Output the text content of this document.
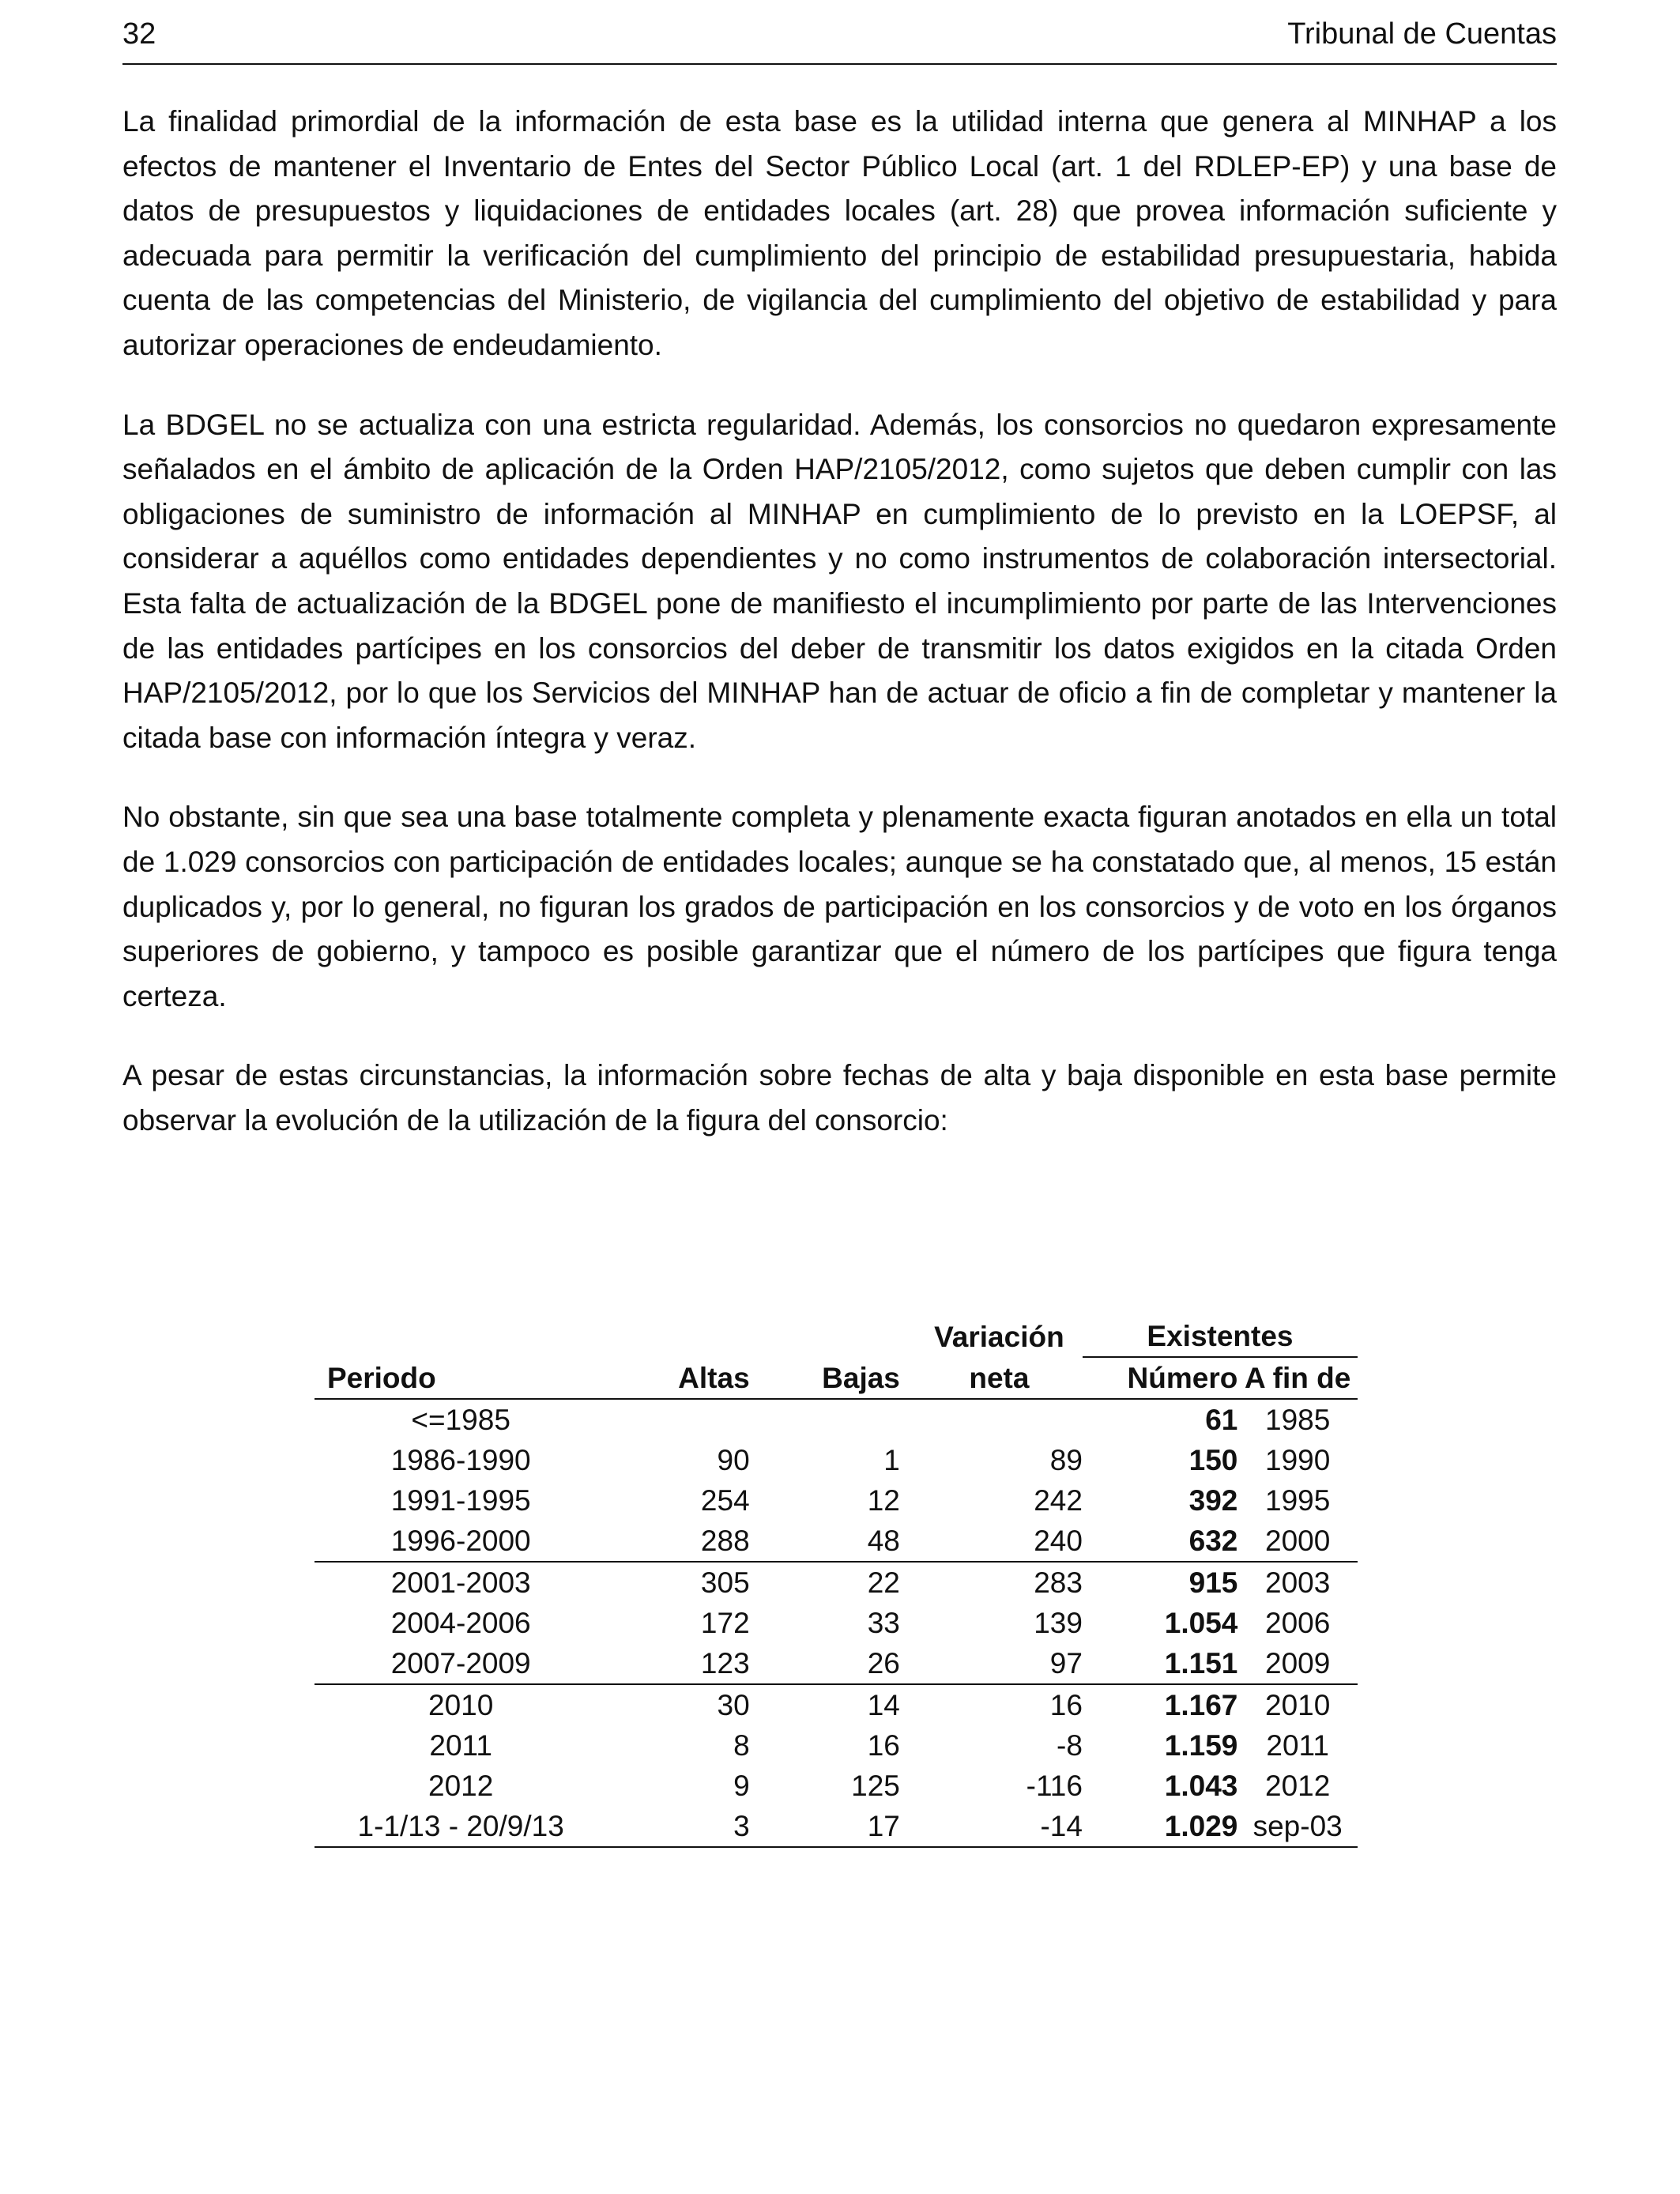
32	Tribunal de Cuentas

La finalidad primordial de la información de esta base es la utilidad interna que genera al MINHAP a los efectos de mantener el Inventario de Entes del Sector Público Local (art. 1 del RDLEP-EP) y una base de datos de presupuestos y liquidaciones de entidades locales (art. 28) que provea información suficiente y adecuada para permitir la verificación del cumplimiento del principio de estabilidad presupuestaria, habida cuenta de las competencias del Ministerio, de vigilancia del cumplimiento del objetivo de estabilidad y para autorizar operaciones de endeudamiento.

La BDGEL no se actualiza con una estricta regularidad. Además, los consorcios no quedaron expresamente señalados en el ámbito de aplicación de la Orden HAP/2105/2012, como sujetos que deben cumplir con las obligaciones de suministro de información al MINHAP en cumplimiento de lo previsto en la LOEPSF, al considerar a aquéllos como entidades dependientes y no como instrumentos de colaboración intersectorial. Esta falta de actualización de la BDGEL pone de manifiesto el incumplimiento por parte de las Intervenciones de las entidades partícipes en los consorcios del deber de transmitir los datos exigidos en la citada Orden HAP/2105/2012, por lo que los Servicios del MINHAP han de actuar de oficio a fin de completar y mantener la citada base con información íntegra y veraz.

No obstante, sin que sea una base totalmente completa y plenamente exacta figuran anotados en ella un total de 1.029 consorcios con participación de entidades locales; aunque se ha constatado que, al menos, 15 están duplicados y, por lo general, no figuran los grados de participación en los consorcios y de voto en los órganos superiores de gobierno, y tampoco es posible garantizar que el número de los partícipes que figura tenga certeza.

A pesar de estas circunstancias, la información sobre fechas de alta y baja disponible en esta base permite observar la evolución de la utilización de la figura del consorcio:

			Variación	Existentes	
Periodo	Altas	Bajas	neta	Número	A fin de
<=1985				61	1985
1986-1990	90	1	89	150	1990
1991-1995	254	12	242	392	1995
1996-2000	288	48	240	632	2000
2001-2003	305	22	283	915	2003
2004-2006	172	33	139	1.054	2006
2007-2009	123	26	97	1.151	2009
2010	30	14	16	1.167	2010
2011	8	16	-8	1.159	2011
2012	9	125	-116	1.043	2012
1-1/13 - 20/9/13	3	17	-14	1.029	sep-03
